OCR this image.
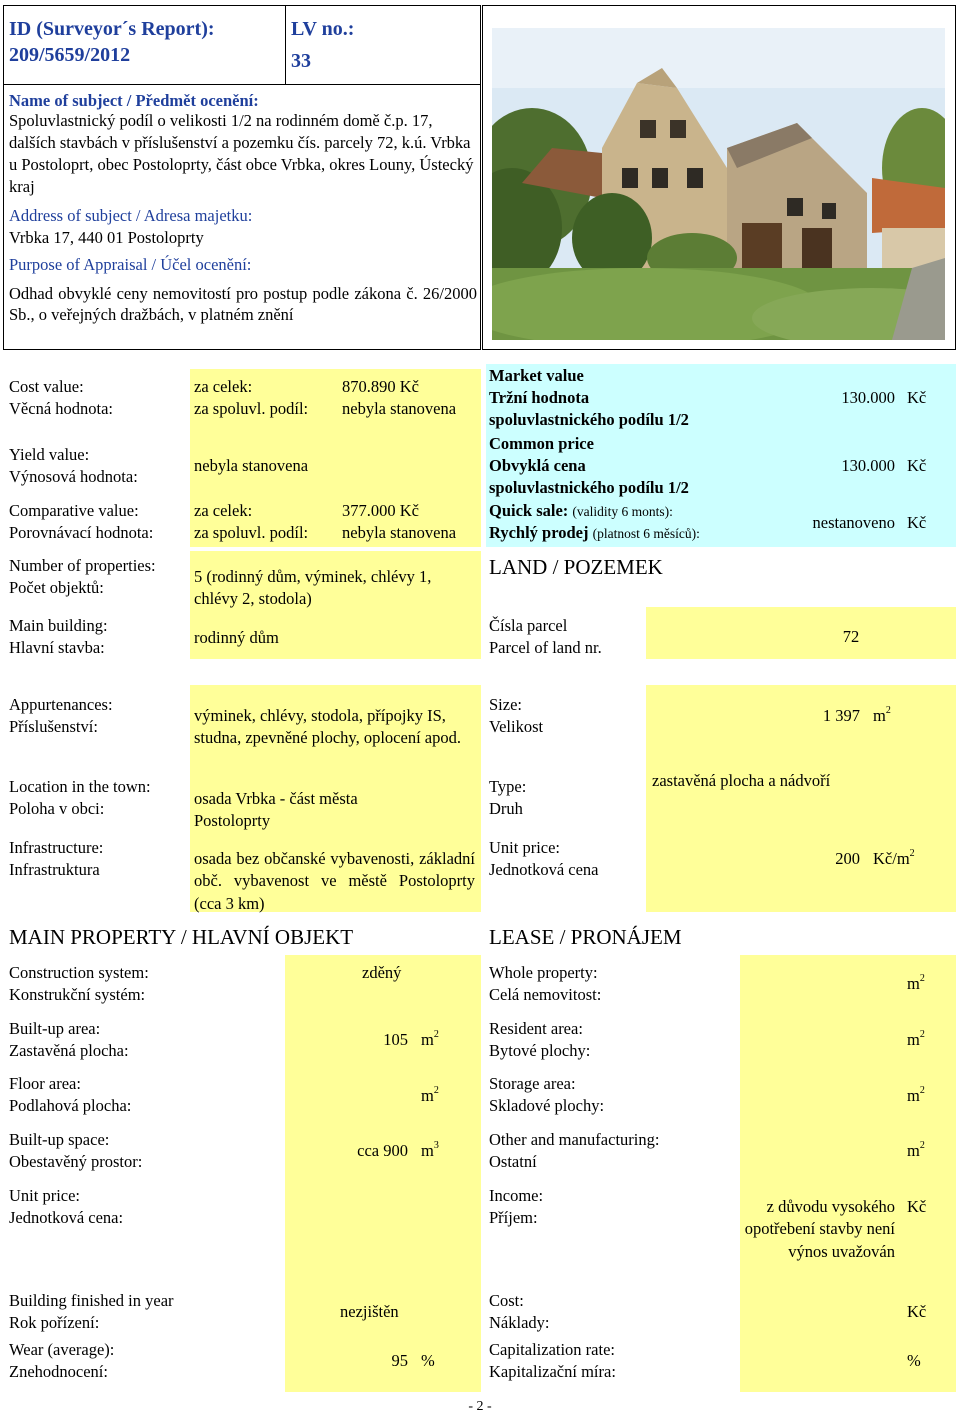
ID (Surveyor´s Report):
209/5659/2012
LV no.:
33
Name of subject / Předmět ocenění:
Spoluvlastnický podíl o velikosti 1/2 na rodinném domě č.p. 17, dalších stavbách v příslušenství a pozemku čís. parcely 72, k.ú. Vrbka u Postoloprt, obec Postoloprty, část obce Vrbka, okres Louny, Ústecký kraj
Address of subject / Adresa majetku:
Vrbka 17, 440 01 Postoloprty
Purpose of Appraisal / Účel ocenění:
Odhad obvyklé ceny nemovitostí pro postup podle zákona č. 26/2000 Sb., o veřejných dražbách, v platném znění
Cost value:
Věcná hodnota:
za celek:	870.890 Kč
za spoluvl. podíl: nebyla stanovena
Yield value:
Výnosová hodnota:
nebyla stanovena
Comparative value:
Porovnávací hodnota:
za celek:	377.000 Kč
za spoluvl. podíl: nebyla stanovena
Market value
Tržní hodnota
spoluvlastnického podílu 1/2
130.000 Kč
Common price
Obvyklá cena
spoluvlastnického podílu 1/2
130.000 Kč
Quick sale: (validity 6 monts):
Rychlý prodej (platnost 6 měsíců):
nestanoveno Kč
Number of properties:
Počet objektů:
5 (rodinný dům, výminek, chlévy 1, chlévy 2, stodola)
Main building:
Hlavní stavba:
rodinný dům
LAND / POZEMEK
Čísla parcel
Parcel of land nr.
72
Appurtenances:
Příslušenství:
výminek, chlévy, stodola, přípojky IS, studna, zpevněné plochy, oplocení apod.
Location in the town:
Poloha v obci:
osada Vrbka - část města Postoloprty
Infrastructure:
Infrastruktura
osada bez občanské vybavenosti, základní obč. vybavenost ve městě Postoloprty (cca 3 km)
Size:
Velikost
1 397 $m^2$
Type:
Druh
zastavěná plocha a nádvoří
Unit price:
Jednotková cena
200 $Kč/m^2$
MAIN PROPERTY / HLAVNÍ OBJEKT
Construction system:
Konstrukční systém:
zděný
Built-up area:
Zastavěná plocha:
105 $m^2$
Floor area:
Podlahová plocha:
$m^2$
Built-up space:
Obestavěný prostor:
cca 900 $m^3$
Unit price:
Jednotková cena:
Building finished in year
Rok pořízení:
nezjištěn
Wear (average):
Znehodnocení:
95 %
LEASE / PRONÁJEM
Whole property:
Celá nemovitost:
$m^2$
Resident area:
Bytové plochy:
$m^2$
Storage area:
Skladové plochy:
$m^2$
Other and manufacturing:
Ostatní
$m^2$
Income:
Příjem:
z důvodu vysokého opotřebení stavby není výnos uvažován
Kč
Cost:
Náklady:
Kč
Capitalization rate:
Kapitalizační míra:
%
- 2 -
